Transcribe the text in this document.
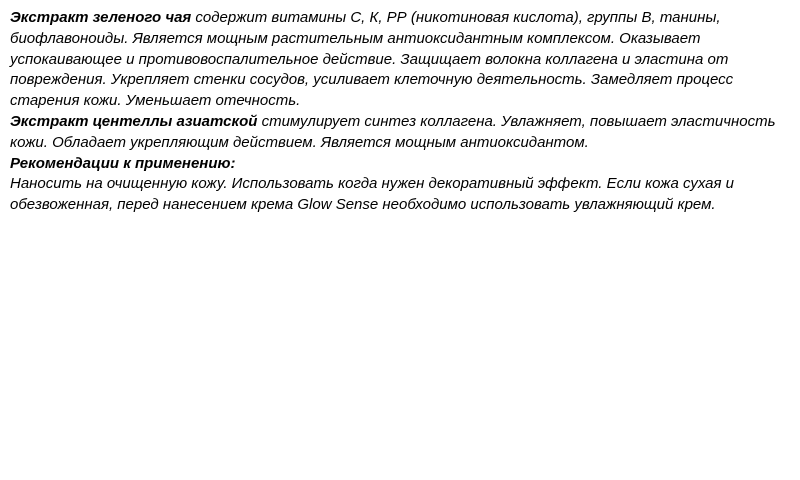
Экстракт зеленого чая содержит витамины С, К, РР (никотиновая кислота), группы В, танины, биофлавоноиды. Является мощным растительным антиоксидантным комплексом. Оказывает успокаивающее и противовоспалительное действие. Защищает волокна коллагена и эластина от повреждения. Укрепляет стенки сосудов, усиливает клеточную деятельность. Замедляет процесс старения кожи. Уменьшает отечность.

Экстракт центеллы азиатской стимулирует синтез коллагена. Увлажняет, повышает эластичность кожи. Обладает укрепляющим действием. Является мощным антиоксидантом.

Рекомендации к применению:

Наносить на очищенную кожу. Использовать когда нужен декоративный эффект. Если кожа сухая и обезвоженная, перед нанесением крема Glow Sense необходимо использовать увлажняющий крем.
